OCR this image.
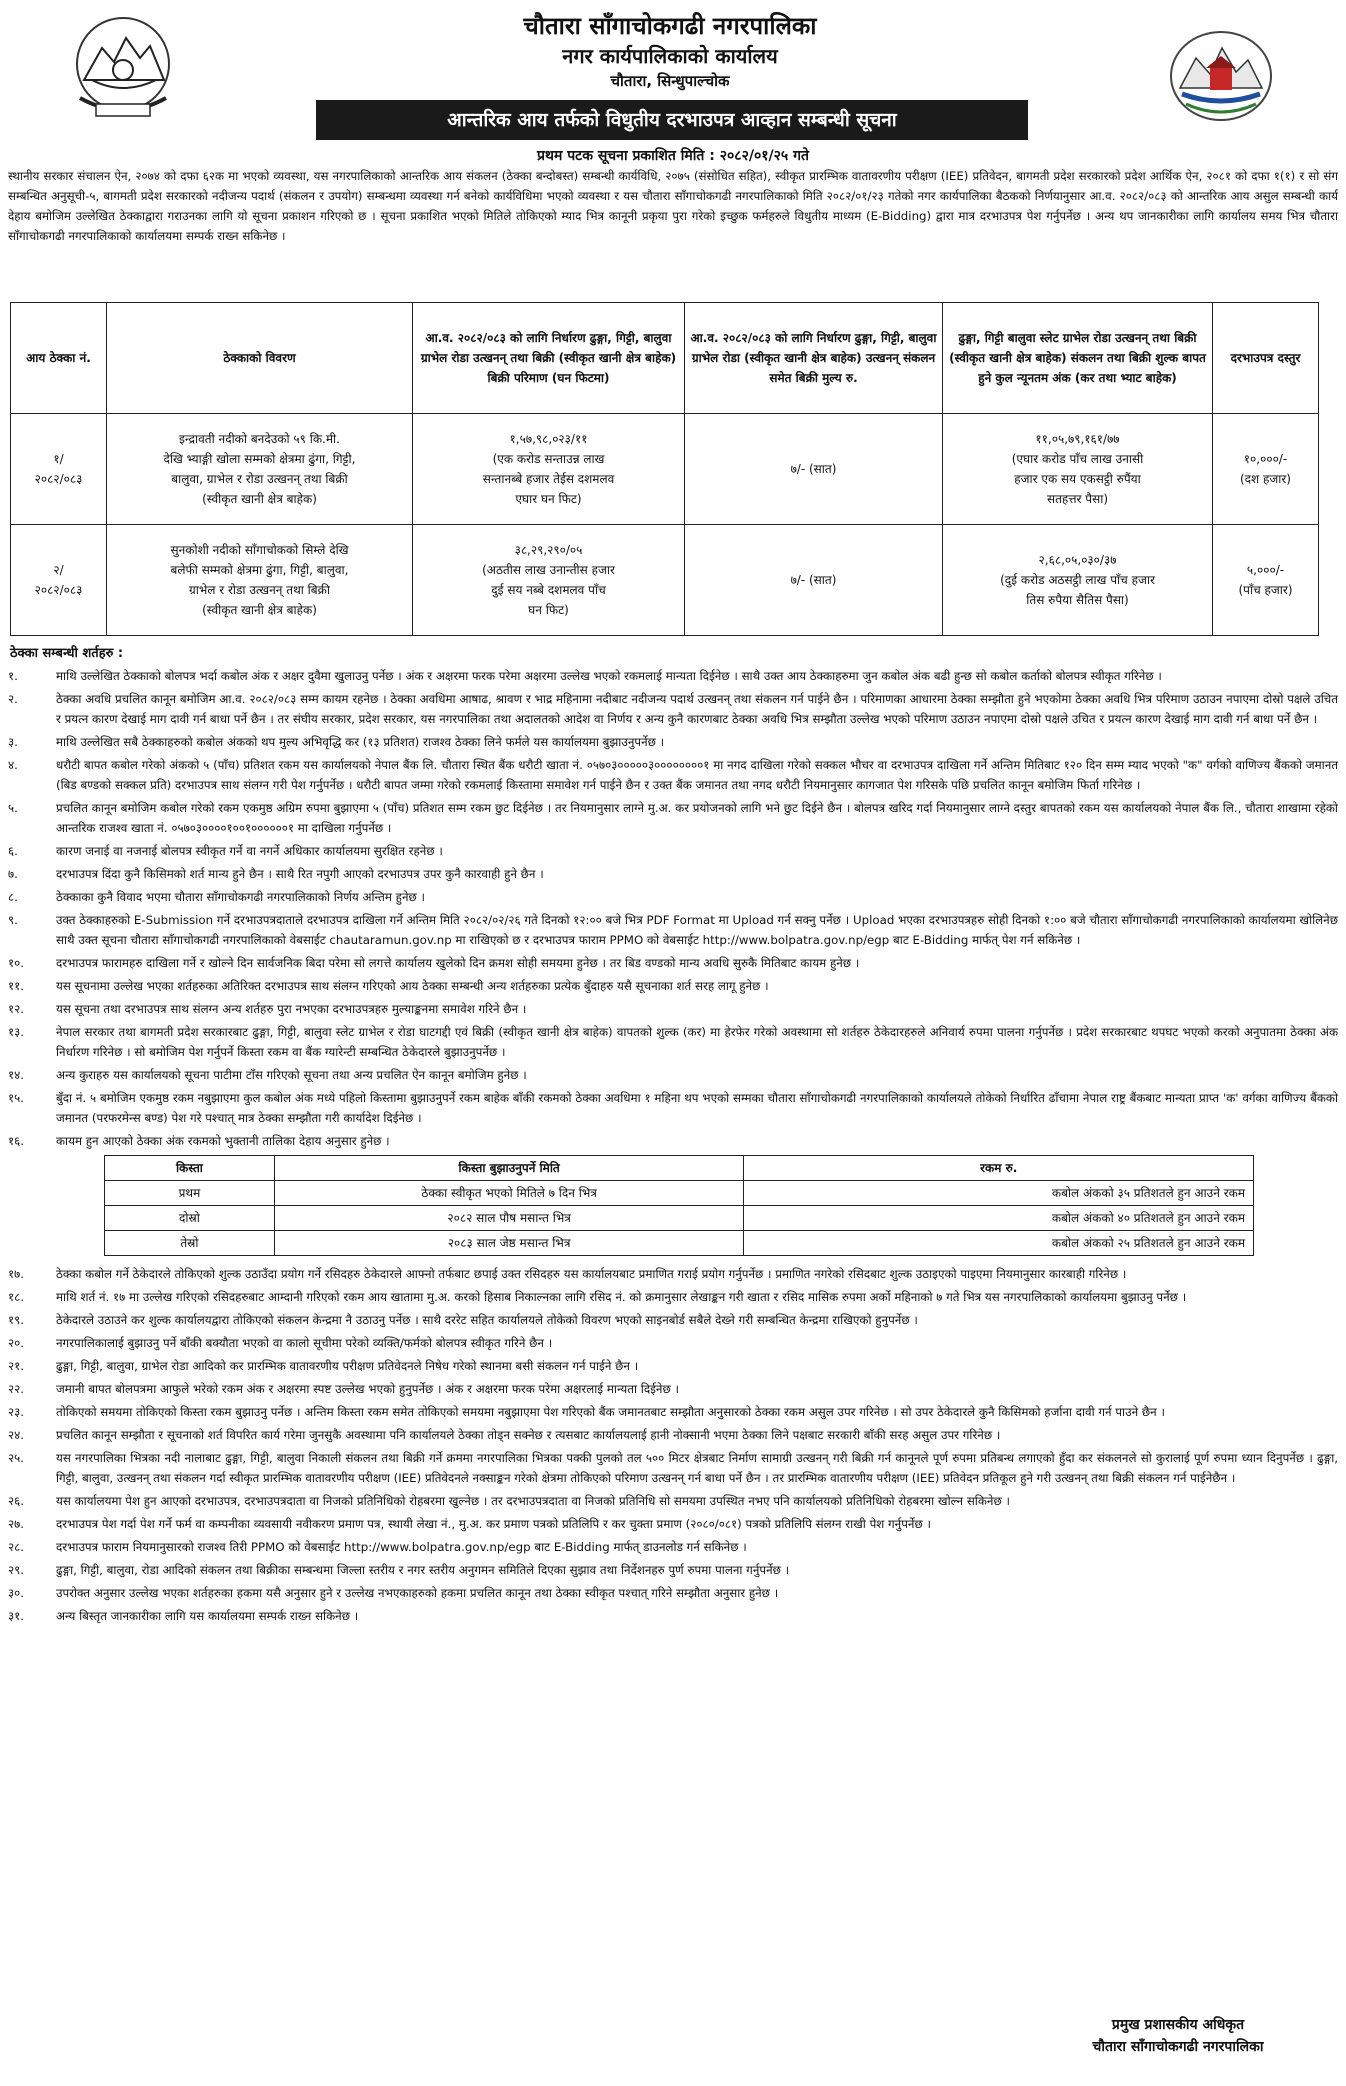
चौतारा साँगाचोकगढी नगरपालिका
नगर कार्यपालिकाको कार्यालय
चौतारा, सिन्धुपाल्चोक
आन्तरिक आय तर्फको विधुतीय दरभाउपत्र आव्हान सम्बन्धी सूचना
प्रथम पटक सूचना प्रकाशित मिति : २०८२/०१/२५ गते
स्थानीय सरकार संचालन ऐन, २०७४ को दफा ६२क मा भएको व्यवस्था, यस नगरपालिकाको आन्तरिक आय संकलन (ठेक्का बन्दोबस्त) सम्बन्धी कार्यविधि, २०७५ (संसोधित सहित), स्वीकृत प्रारम्भिक वातावरणीय परीक्षण (IEE) प्रतिवेदन, बागमती प्रदेश सरकारको प्रदेश आर्थिक ऐन, २०८१ को दफा १(१) र सो संग सम्बन्धित अनुसूची-५, बागमती प्रदेश सरकारको नदीजन्य पदार्थ (संकलन र उपयोग) सम्बन्धमा व्यवस्था गर्न बनेको कार्यविधिमा भएको व्यवस्था र यस चौतारा साँगाचोकगढी नगरपालिकाको मिति २०८२/०१/२३ गतेको नगर कार्यपालिका बैठकको निर्णयानुसार आ.व. २०८२/०८३ को आन्तरिक आय असुल सम्बन्धी कार्य देहाय बमोजिम उल्लेखित ठेक्काद्वारा गराउनका लागि यो सूचना प्रकाशन गरिएको छ । सूचना प्रकाशित भएको मितिले तोकिएको म्याद भित्र कानूनी प्रकृया पुरा गरेको इच्छुक फर्महरुले विधुतीय माध्यम (E-Bidding) द्वारा मात्र दरभाउपत्र पेश गर्नुपर्नेछ । अन्य थप जानकारीका लागि कार्यालय समय भित्र चौतारा साँगाचोकगढी नगरपालिकाको कार्यालयमा सम्पर्क राख्न सकिनेछ ।
आय ठेक्का नं.	ठेक्काको विवरण	आ.व. २०८२/०८३ को लागि निर्धारण ढुङ्गा, गिट्टी, बालुवा ग्राभेल रोडा उत्खनन् तथा बिक्री (स्वीकृत खानी क्षेत्र बाहेक) बिक्री परिमाण (घन फिटमा)	आ.व. २०८२/०८३ को लागि निर्धारण ढुङ्गा, गिट्टी, बालुवा ग्राभेल रोडा (स्वीकृत खानी क्षेत्र बाहेक) उत्खनन् संकलन समेत बिक्री मुल्य रु.	ढुङ्गा, गिट्टी बालुवा स्लेट ग्राभेल रोडा उत्खनन् तथा बिक्री (स्वीकृत खानी क्षेत्र बाहेक) संकलन तथा बिक्री शुल्क बापत हुने कुल न्यूनतम अंक (कर तथा भ्याट बाहेक)	दरभाउपत्र दस्तुर

१/
२०८२/०८३	इन्द्रावती नदीको बनदेउको ५९ कि.मी.
देखि भ्याङ्गी खोला सम्मको क्षेत्रमा ढुंगा, गिट्टी,
बालुवा, ग्राभेल र रोडा उत्खनन् तथा बिक्री
(स्वीकृत खानी क्षेत्र बाहेक)	१,५७,९८,०२३/११
(एक करोड सन्ताउन्न लाख
सन्तानब्बे हजार तेईस दशमलव
एघार घन फिट)	७/- (सात)	११,०५,७९,१६१/७७
(एघार करोड पाँच लाख उनासी
हजार एक सय एकसट्ठी रुपैंया
सतहत्तर पैसा)	१०,०००/-
(दश हजार)

२/
२०८२/०८३	सुनकोशी नदीको साँगाचोकको सिम्ले देखि
बलेफी सम्मको क्षेत्रमा ढुंगा, गिट्टी, बालुवा,
ग्राभेल र रोडा उत्खनन् तथा बिक्री
(स्वीकृत खानी क्षेत्र बाहेक)	३८,२९,२९०/०५
(अठतीस लाख उनान्तीस हजार
दुई सय नब्बे दशमलव पाँच
घन फिट)	७/- (सात)	२,६८,०५,०३०/३७
(दुई करोड अठसट्ठी लाख पाँच हजार
तिस रुपैया सैतिस पैसा)	५,०००/-
(पाँच हजार)
ठेक्का सम्बन्धी शर्तहरु :
१.	माथि उल्लेखित ठेक्काको बोलपत्र भर्दा कबोल अंक र अक्षर दुवैमा खुलाउनु पर्नेछ । अंक र अक्षरमा फरक परेमा अक्षरमा उल्लेख भएको रकमलाई मान्यता दिईनेछ । साथै उक्त आय ठेक्काहरुमा जुन कबोल अंक बढी हुन्छ सो कबोल कर्ताको बोलपत्र स्वीकृत गरिनेछ ।
२.	ठेक्का अवधि प्रचलित कानून बमोजिम आ.व. २०८२/०८३ सम्म कायम रहनेछ । ठेक्का अवधिमा आषाढ, श्रावण र भाद्र महिनामा नदीबाट नदीजन्य पदार्थ उत्खनन् तथा संकलन गर्न पाईने छैन । परिमाणका आधारमा ठेक्का सम्झौता हुने भएकोमा ठेक्का अवधि भित्र परिमाण उठाउन नपाएमा दोस्रो पक्षले उचित र प्रयत्न कारण देखाई माग दावी गर्न बाधा पर्ने छैन । तर संघीय सरकार, प्रदेश सरकार, यस नगरपालिका तथा अदालतको आदेश वा निर्णय र अन्य कुनै कारणबाट ठेक्का अवधि भित्र सम्झौता उल्लेख भएको परिमाण उठाउन नपाएमा दोस्रो पक्षले उचित र प्रयत्न कारण देखाई माग दावी गर्न बाधा पर्ने छैन ।
३.	माथि उल्लेखित सबै ठेक्काहरुको कबोल अंकको थप मुल्य अभिवृद्धि कर (१३ प्रतिशत) राजश्व ठेक्का लिने फर्मले यस कार्यालयमा बुझाउनुपर्नेछ ।
४.	धरौटी बापत कबोल गरेको अंकको ५ (पाँच) प्रतिशत रकम यस कार्यालयको नेपाल बैंक लि. चौतारा स्थित बैंक धरौटी खाता नं. ०५७०३०००००३००००००००१ मा नगद दाखिला गरेको सक्कल भौचर वा दरभाउपत्र दाखिला गर्ने अन्तिम मितिबाट १२० दिन सम्म म्याद भएको "क" वर्गको वाणिज्य बैंकको जमानत (बिड बण्डको सक्कल प्रति) दरभाउपत्र साथ संलग्न गरी पेश गर्नुपर्नेछ । धरौटी बापत जम्मा गरेको रकमलाई किस्तामा समावेश गर्न पाईने छैन र उक्त बैंक जमानत तथा नगद धरौटी नियमानुसार कागजात पेश गरिसके पछि प्रचलित कानून बमोजिम फिर्ता गरिनेछ ।
५.	प्रचलित कानून बमोजिम कबोल गरेको रकम एकमुष्ठ अग्रिम रुपमा बुझाएमा ५ (पाँच) प्रतिशत सम्म रकम छुट दिईनेछ । तर नियमानुसार लाग्ने मु.अ. कर प्रयोजनको लागि भने छुट दिईने छैन । बोलपत्र खरिद गर्दा नियमानुसार लाग्ने दस्तुर बापतको रकम यस कार्यालयको नेपाल बैंक लि., चौतारा शाखामा रहेको आन्तरिक राजश्व खाता नं. ०५७०३००००१००१००००००१ मा दाखिला गर्नुपर्नेछ ।
६.	कारण जनाई वा नजनाई बोलपत्र स्वीकृत गर्ने वा नगर्ने अधिकार कार्यालयमा सुरक्षित रहनेछ ।
७.	दरभाउपत्र दिंदा कुनै किसिमको शर्त मान्य हुने छैन । साथै रित नपुगी आएको दरभाउपत्र उपर कुनै कारवाही हुने छैन ।
८.	ठेक्काका कुनै विवाद भएमा चौतारा साँगाचोकगढी नगरपालिकाको निर्णय अन्तिम हुनेछ ।
९.	उक्त ठेक्काहरुको E-Submission गर्ने दरभाउपत्रदाताले दरभाउपत्र दाखिला गर्ने अन्तिम मिति २०८२/०२/२६ गते दिनको १२:०० बजे भित्र PDF Format मा Upload गर्न सक्नु पर्नेछ । Upload भएका दरभाउपत्रहरु सोही दिनको १:०० बजे चौतारा साँगाचोकगढी नगरपालिकाको कार्यालयमा खोलिनेछ साथै उक्त सूचना चौतारा साँगाचोकगढी नगरपालिकाको वेबसाईट chautaramun.gov.np मा राखिएको छ र दरभाउपत्र फाराम PPMO को वेबसाईट http://www.bolpatra.gov.np/egp बाट E-Bidding मार्फत् पेश गर्न सकिनेछ ।
१०.	दरभाउपत्र फारामहरु दाखिला गर्ने र खोल्ने दिन सार्वजनिक बिदा परेमा सो लगत्ते कार्यालय खुलेको दिन क्रमश सोही समयमा हुनेछ । तर बिड वण्डको मान्य अवधि सुरुकै मितिबाट कायम हुनेछ ।
११.	यस सूचनामा उल्लेख भएका शर्तहरुका अतिरिक्त दरभाउपत्र साथ संलग्न गरिएको आय ठेक्का सम्बन्धी अन्य शर्तहरुका प्रत्येक बुँदाहरु यसै सूचनाका शर्त सरह लागू हुनेछ ।
१२.	यस सूचना तथा दरभाउपत्र साथ संलग्न अन्य शर्तहरु पुरा नभएका दरभाउपत्रहरु मुल्याङ्कनमा समावेश गरिने छैन ।
१३.	नेपाल सरकार तथा बागमती प्रदेश सरकारबाट ढुङ्गा, गिट्टी, बालुवा स्लेट ग्राभेल र रोडा घाटगद्दी एवं बिक्री (स्वीकृत खानी क्षेत्र बाहेक) वापतको शुल्क (कर) मा हेरफेर गरेको अवस्थामा सो शर्तहरु ठेकेदारहरुले अनिवार्य रुपमा पालना गर्नुपर्नेछ । प्रदेश सरकारबाट थपघट भएको करको अनुपातमा ठेक्का अंक निर्धारण गरिनेछ । सो बमोजिम पेश गर्नुपर्ने किस्ता रकम वा बैंक ग्यारेन्टी सम्बन्धित ठेकेदारले बुझाउनुपर्नेछ ।
१४.	अन्य कुराहरु यस कार्यालयको सूचना पाटीमा टाँस गरिएको सूचना तथा अन्य प्रचलित ऐन कानून बमोजिम हुनेछ ।
१५.	बुँदा नं. ५ बमोजिम एकमुष्ठ रकम नबुझाएमा कुल कबोल अंक मध्ये पहिलो किस्तामा बुझाउनुपर्ने रकम बाहेक बाँकी रकमको ठेक्का अवधिमा १ महिना थप भएको सम्मका चौतारा साँगाचोकगढी नगरपालिकाको कार्यालयले तोकेको निर्धारित ढाँचामा नेपाल राष्ट्र बैंकबाट मान्यता प्राप्त 'क' वर्गका वाणिज्य बैंकको जमानत (परफरमेन्स बण्ड) पेश गरे पश्चात् मात्र ठेक्का सम्झौता गरी कार्यादेश दिईनेछ ।
१६.	कायम हुन आएको ठेक्का अंक रकमको भुक्तानी तालिका देहाय अनुसार हुनेछ ।
किस्ता	किस्ता बुझाउनुपर्ने मिति	रकम रु.
प्रथम	ठेक्का स्वीकृत भएको मितिले ७ दिन भित्र	कबोल अंकको ३५ प्रतिशतले हुन आउने रकम
दोस्रो	२०८२ साल पौष मसान्त भित्र	कबोल अंकको ४० प्रतिशतले हुन आउने रकम
तेस्रो	२०८३ साल जेष्ठ मसान्त भित्र	कबोल अंकको २५ प्रतिशतले हुन आउने रकम
१७.	ठेक्का कबोल गर्ने ठेकेदारले तोकिएको शुल्क उठाउँदा प्रयोग गर्ने रसिदहरु ठेकेदारले आफ्नो तर्फबाट छपाई उक्त रसिदहरु यस कार्यालयबाट प्रमाणित गराई प्रयोग गर्नुपर्नेछ । प्रमाणित नगरेको रसिदबाट शुल्क उठाइएको पाइएमा नियमानुसार कारबाही गरिनेछ ।
१८.	माथि शर्त नं. १७ मा उल्लेख गरिएको रसिदहरुबाट आम्दानी गरिएको रकम आय खातामा मु.अ. करको हिसाब निकाल्नका लागि रसिद नं. को क्रमानुसार लेखाङ्कन गरी खाता र रसिद मासिक रुपमा अर्को महिनाको ७ गते भित्र यस नगरपालिकाको कार्यालयमा बुझाउनु पर्नेछ ।
१९.	ठेकेदारले उठाउने कर शुल्क कार्यालयद्वारा तोकिएको संकलन केन्द्रमा नै उठाउनु पर्नेछ । साथै दररेट सहित कार्यालयले तोकेको विवरण भएको साइनबोर्ड सबैले देख्ने गरी सम्बन्धित केन्द्रमा राखिएको हुनुपर्नेछ ।
२०.	नगरपालिकालाई बुझाउनु पर्ने बाँकी बक्यौता भएको वा कालो सूचीमा परेको व्यक्ति/फर्मको बोलपत्र स्वीकृत गरिने छैन ।
२१.	ढुङ्गा, गिट्टी, बालुवा, ग्राभेल रोडा आदिको कर प्रारम्भिक वातावरणीय परीक्षण प्रतिवेदनले निषेध गरेको स्थानमा बसी संकलन गर्न पाईने छैन ।
२२.	जमानी बापत बोलपत्रमा आफुले भरेको रकम अंक र अक्षरमा स्पष्ट उल्लेख भएको हुनुपर्नेछ । अंक र अक्षरमा फरक परेमा अक्षरलाई मान्यता दिईनेछ ।
२३.	तोकिएको समयमा तोकिएको किस्ता रकम बुझाउनु पर्नेछ । अन्तिम किस्ता रकम समेत तोकिएको समयमा नबुझाएमा पेश गरिएको बैंक जमानतबाट सम्झौता अनुसारको ठेक्का रकम असुल उपर गरिनेछ । सो उपर ठेकेदारले कुनै किसिमको हर्जाना दावी गर्न पाउने छैन ।
२४.	प्रचलित कानून सम्झौता र सूचनाको शर्त विपरित कार्य गरेमा जुनसुकै अवस्थामा पनि कार्यालयले ठेक्का तोड्न सक्नेछ र त्यसबाट कार्यालयलाई हानी नोक्सानी भएमा ठेक्का लिने पक्षबाट सरकारी बाँकी सरह असुल उपर गरिनेछ ।
२५.	यस नगरपालिका भित्रका नदी नालाबाट ढुङ्गा, गिट्टी, बालुवा निकाली संकलन तथा बिक्री गर्ने क्रममा नगरपालिका भित्रका पक्की पुलको तल ५०० मिटर क्षेत्रबाट निर्माण सामाग्री उत्खनन् गरी बिक्री गर्न कानूनले पूर्ण रुपमा प्रतिबन्ध लगाएको हुँदा कर संकलनले सो कुरालाई पूर्ण रुपमा ध्यान दिनुपर्नेछ । ढुङ्गा, गिट्टी, बालुवा, उत्खनन् तथा संकलन गर्दा स्वीकृत प्रारम्भिक वातावरणीय परीक्षण (IEE) प्रतिवेदनले नक्साङ्कन गरेको क्षेत्रमा तोकिएको परिमाण उत्खनन् गर्न बाधा पर्ने छैन । तर प्रारम्भिक वातारणीय परीक्षण (IEE) प्रतिवेदन प्रतिकूल हुने गरी उत्खनन् तथा बिक्री संकलन गर्न पाईनेछैन ।
२६.	यस कार्यालयमा पेश हुन आएको दरभाउपत्र, दरभाउपत्रदाता वा निजको प्रतिनिधिको रोहबरमा खुल्नेछ । तर दरभाउपत्रदाता वा निजको प्रतिनिधि सो समयमा उपस्थित नभए पनि कार्यालयको प्रतिनिधिको रोहबरमा खोल्न सकिनेछ ।
२७.	दरभाउपत्र पेश गर्दा पेश गर्ने फर्म वा कम्पनीका व्यवसायी नवीकरण प्रमाण पत्र, स्थायी लेखा नं., मु.अ. कर प्रमाण पत्रको प्रतिलिपि र कर चुक्ता प्रमाण (२०८०/०८१) पत्रको प्रतिलिपि संलग्न राखी पेश गर्नुपर्नेछ ।
२८.	दरभाउपत्र फाराम नियमानुसारको राजश्व तिरी PPMO को वेबसाईट http://www.bolpatra.gov.np/egp बाट E-Bidding मार्फत् डाउनलोड गर्न सकिनेछ ।
२९.	ढुङ्गा, गिट्टी, बालुवा, रोडा आदिको संकलन तथा बिक्रीका सम्बन्धमा जिल्ला स्तरीय र नगर स्तरीय अनुगमन समितिले दिएका सुझाव तथा निर्देशनहरु पुर्ण रुपमा पालना गर्नुपर्नेछ ।
३०.	उपरोक्त अनुसार उल्लेख भएका शर्तहरुका हकमा यसै अनुसार हुने र उल्लेख नभएकाहरुको हकमा प्रचलित कानून तथा ठेक्का स्वीकृत पश्चात् गरिने सम्झौता अनुसार हुनेछ ।
३१.	अन्य बिस्तृत जानकारीका लागि यस कार्यालयमा सम्पर्क राख्न सकिनेछ ।
प्रमुख प्रशासकीय अधिकृत
चौतारा साँगाचोकगढी नगरपालिका
